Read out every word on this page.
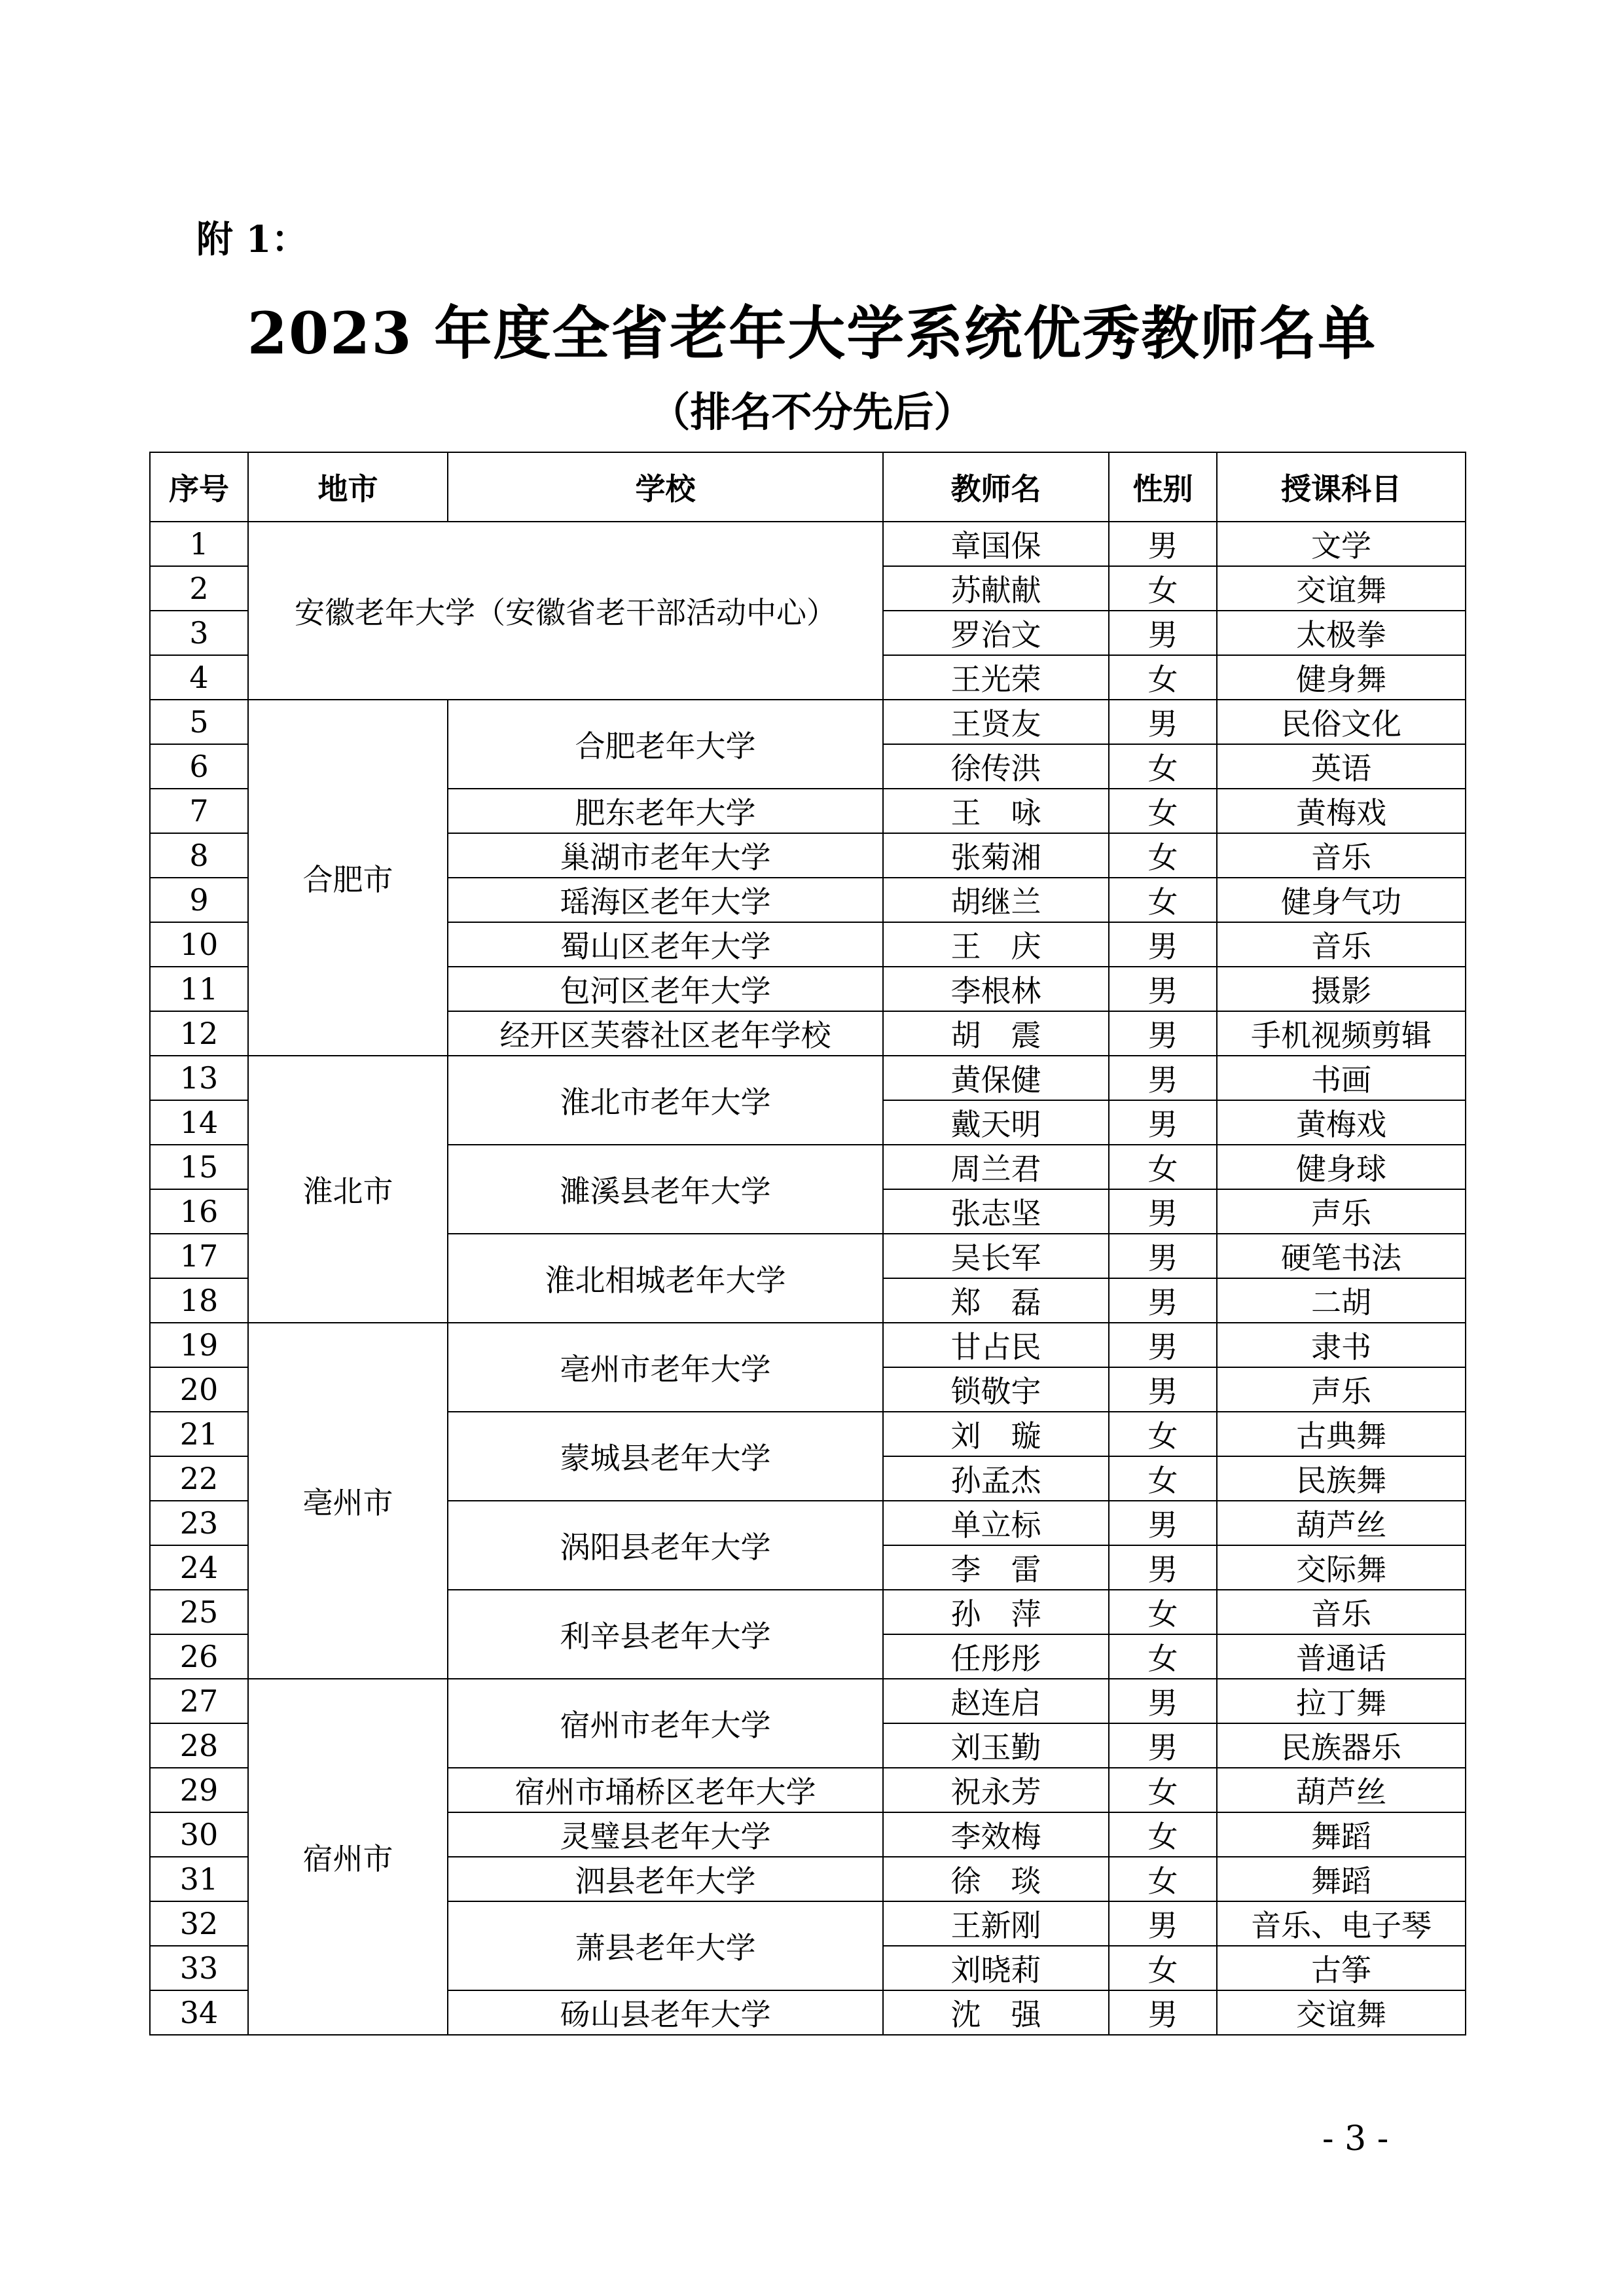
附 1：
2023 年度全省老年大学系统优秀教师名单
（排名不分先后）
序号	地市	学校	教师名	性别	授课科目
1	安徽老年大学（安徽省老干部活动中心）		章国保	男	文学
2			苏献献	女	交谊舞
3			罗治文	男	太极拳
4			王光荣	女	健身舞
5	合肥市	合肥老年大学	王贤友	男	民俗文化
6			徐传洪	女	英语
7		肥东老年大学	王　咏	女	黄梅戏
8		巢湖市老年大学	张菊湘	女	音乐
9		瑶海区老年大学	胡继兰	女	健身气功
10		蜀山区老年大学	王　庆	男	音乐
11		包河区老年大学	李根林	男	摄影
12		经开区芙蓉社区老年学校	胡　震	男	手机视频剪辑
13	淮北市	淮北市老年大学	黄保健	男	书画
14			戴天明	男	黄梅戏
15		濉溪县老年大学	周兰君	女	健身球
16			张志坚	男	声乐
17		淮北相城老年大学	吴长军	男	硬笔书法
18			郑　磊	男	二胡
19	亳州市	亳州市老年大学	甘占民	男	隶书
20			锁敬宇	男	声乐
21		蒙城县老年大学	刘　璇	女	古典舞
22			孙孟杰	女	民族舞
23		涡阳县老年大学	单立标	男	葫芦丝
24			李　雷	男	交际舞
25		利辛县老年大学	孙　萍	女	音乐
26			任彤彤	女	普通话
27	宿州市	宿州市老年大学	赵连启	男	拉丁舞
28			刘玉勤	男	民族器乐
29		宿州市埇桥区老年大学	祝永芳	女	葫芦丝
30		灵璧县老年大学	李效梅	女	舞蹈
31		泗县老年大学	徐　琰	女	舞蹈
32		萧县老年大学	王新刚	男	音乐、电子琴
33			刘晓莉	女	古筝
34		砀山县老年大学	沈　强	男	交谊舞
- 3 -
